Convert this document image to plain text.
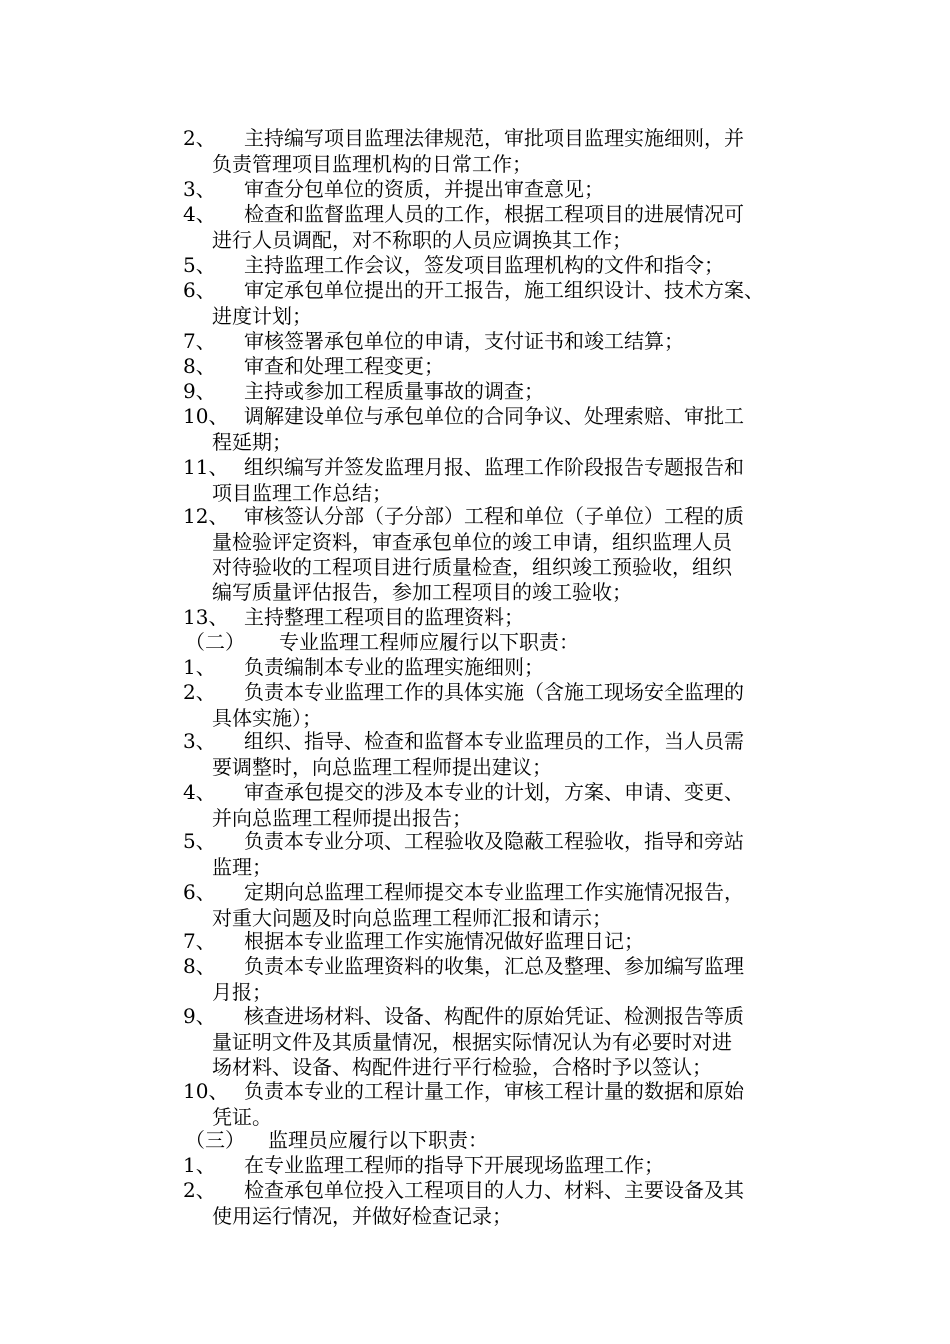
2、 主持编写项目监理法律规范，审批项目监理实施细则，并
负责管理项目监理机构的日常工作；
3、 审查分包单位的资质，并提出审查意见；
4、 检查和监督监理人员的工作，根据工程项目的进展情况可
进行人员调配，对不称职的人员应调换其工作；
5、 主持监理工作会议，签发项目监理机构的文件和指令；
6、 审定承包单位提出的开工报告，施工组织设计、技术方案、
进度计划；
7、 审核签署承包单位的申请，支付证书和竣工结算；
8、 审查和处理工程变更；
9、 主持或参加工程质量事故的调查；
10、 调解建设单位与承包单位的合同争议、处理索赔、审批工
程延期；
11、 组织编写并签发监理月报、监理工作阶段报告专题报告和
项目监理工作总结；
12、 审核签认分部（子分部）工程和单位（子单位）工程的质
量检验评定资料，审查承包单位的竣工申请，组织监理人员
对待验收的工程项目进行质量检查，组织竣工预验收，组织
编写质量评估报告，参加工程项目的竣工验收；
13、 主持整理工程项目的监理资料；
（二） 专业监理工程师应履行以下职责：
1、 负责编制本专业的监理实施细则；
2、 负责本专业监理工作的具体实施（含施工现场安全监理的
具体实施）；
3、 组织、指导、检查和监督本专业监理员的工作，当人员需
要调整时，向总监理工程师提出建议；
4、 审查承包提交的涉及本专业的计划，方案、申请、变更、
并向总监理工程师提出报告；
5、 负责本专业分项、工程验收及隐蔽工程验收，指导和旁站
监理；
6、 定期向总监理工程师提交本专业监理工作实施情况报告，
对重大问题及时向总监理工程师汇报和请示；
7、 根据本专业监理工作实施情况做好监理日记；
8、 负责本专业监理资料的收集，汇总及整理、参加编写监理
月报；
9、 核查进场材料、设备、构配件的原始凭证、检测报告等质
量证明文件及其质量情况，根据实际情况认为有必要时对进
场材料、设备、构配件进行平行检验，合格时予以签认；
10、 负责本专业的工程计量工作，审核工程计量的数据和原始
凭证。
（三） 监理员应履行以下职责：
1、 在专业监理工程师的指导下开展现场监理工作；
2、 检查承包单位投入工程项目的人力、材料、主要设备及其
使用运行情况，并做好检查记录；
